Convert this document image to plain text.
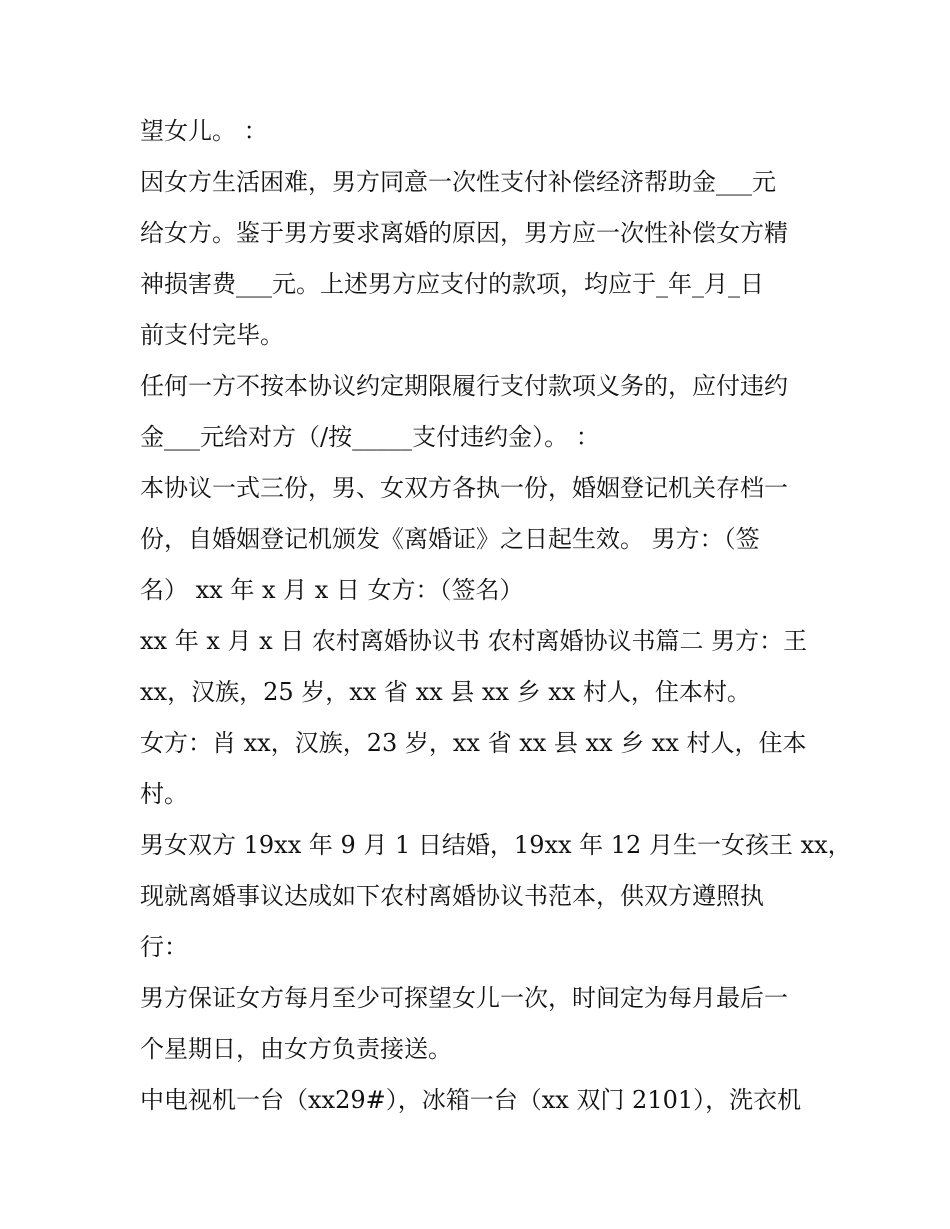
望女儿。 ：
因女方生活困难，男方同意一次性支付补偿经济帮助金___元
给女方。鉴于男方要求离婚的原因，男方应一次性补偿女方精
神损害费___元。上述男方应支付的款项，均应于_年_月_日
前支付完毕。
任何一方不按本协议约定期限履行支付款项义务的，应付违约
金___元给对方（/按_____支付违约金）。 ：
本协议一式三份，男、女双方各执一份，婚姻登记机关存档一
份，自婚姻登记机颁发《离婚证》之日起生效。 男方：（签
名） xx 年 x 月 x 日 女方：（签名）
xx 年 x 月 x 日 农村离婚协议书 农村离婚协议书篇二 男方：王
xx，汉族，25 岁，xx 省 xx 县 xx 乡 xx 村人，住本村。
女方：肖 xx，汉族，23 岁，xx 省 xx 县 xx 乡 xx 村人，住本
村。
男女双方 19xx 年 9 月 1 日结婚，19xx 年 12 月生一女孩王 xx，
现就离婚事议达成如下农村离婚协议书范本，供双方遵照执
行：
男方保证女方每月至少可探望女儿一次，时间定为每月最后一
个星期日，由女方负责接送。
中电视机一台（xx29#），冰箱一台（xx 双门 2101），洗衣机
